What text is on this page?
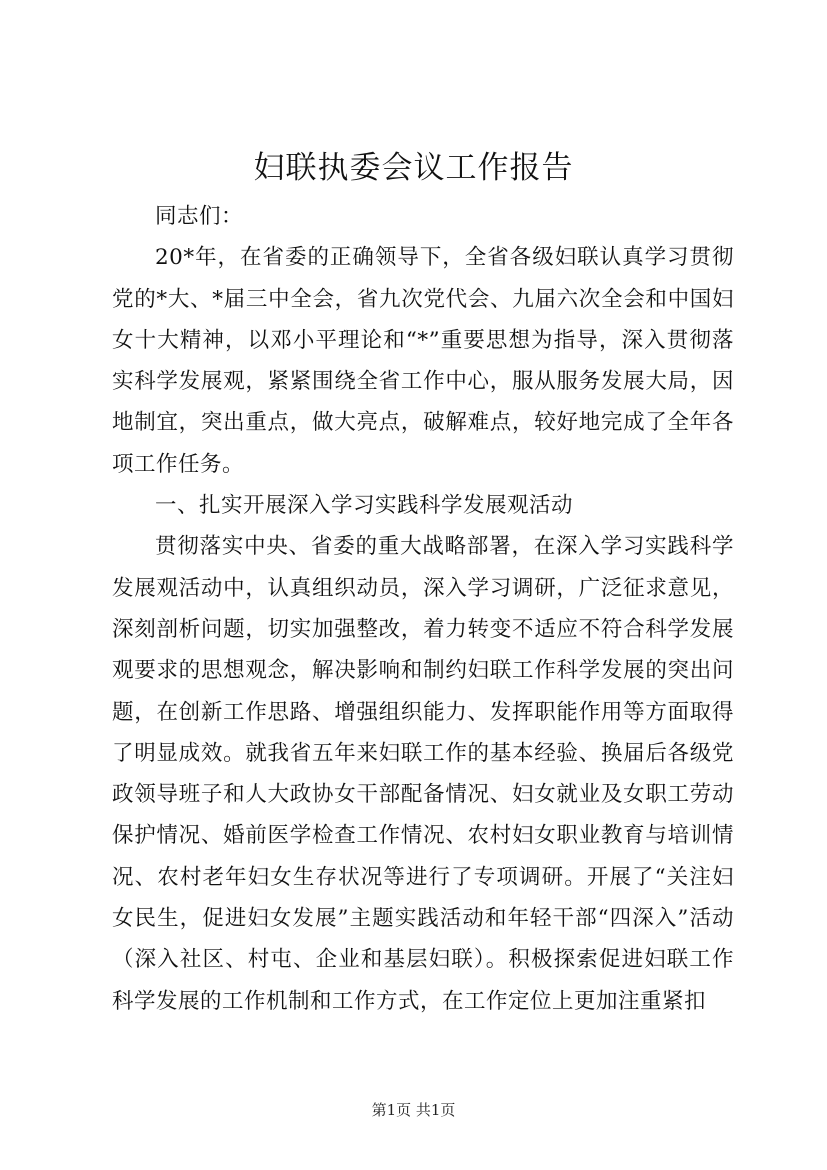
妇联执委会议工作报告

同志们：

20*年，在省委的正确领导下，全省各级妇联认真学习贯彻党的*大、*届三中全会，省九次党代会、九届六次全会和中国妇女十大精神，以邓小平理论和“*”重要思想为指导，深入贯彻落实科学发展观，紧紧围绕全省工作中心，服从服务发展大局，因地制宜，突出重点，做大亮点，破解难点，较好地完成了全年各项工作任务。

一、扎实开展深入学习实践科学发展观活动

贯彻落实中央、省委的重大战略部署，在深入学习实践科学发展观活动中，认真组织动员，深入学习调研，广泛征求意见，深刻剖析问题，切实加强整改，着力转变不适应不符合科学发展观要求的思想观念，解决影响和制约妇联工作科学发展的突出问题，在创新工作思路、增强组织能力、发挥职能作用等方面取得了明显成效。就我省五年来妇联工作的基本经验、换届后各级党政领导班子和人大政协女干部配备情况、妇女就业及女职工劳动保护情况、婚前医学检查工作情况、农村妇女职业教育与培训情况、农村老年妇女生存状况等进行了专项调研。开展了“关注妇女民生，促进妇女发展”主题实践活动和年轻干部“四深入”活动（深入社区、村屯、企业和基层妇联）。积极探索促进妇联工作科学发展的工作机制和工作方式，在工作定位上更加注重紧扣

第1页 共1页
